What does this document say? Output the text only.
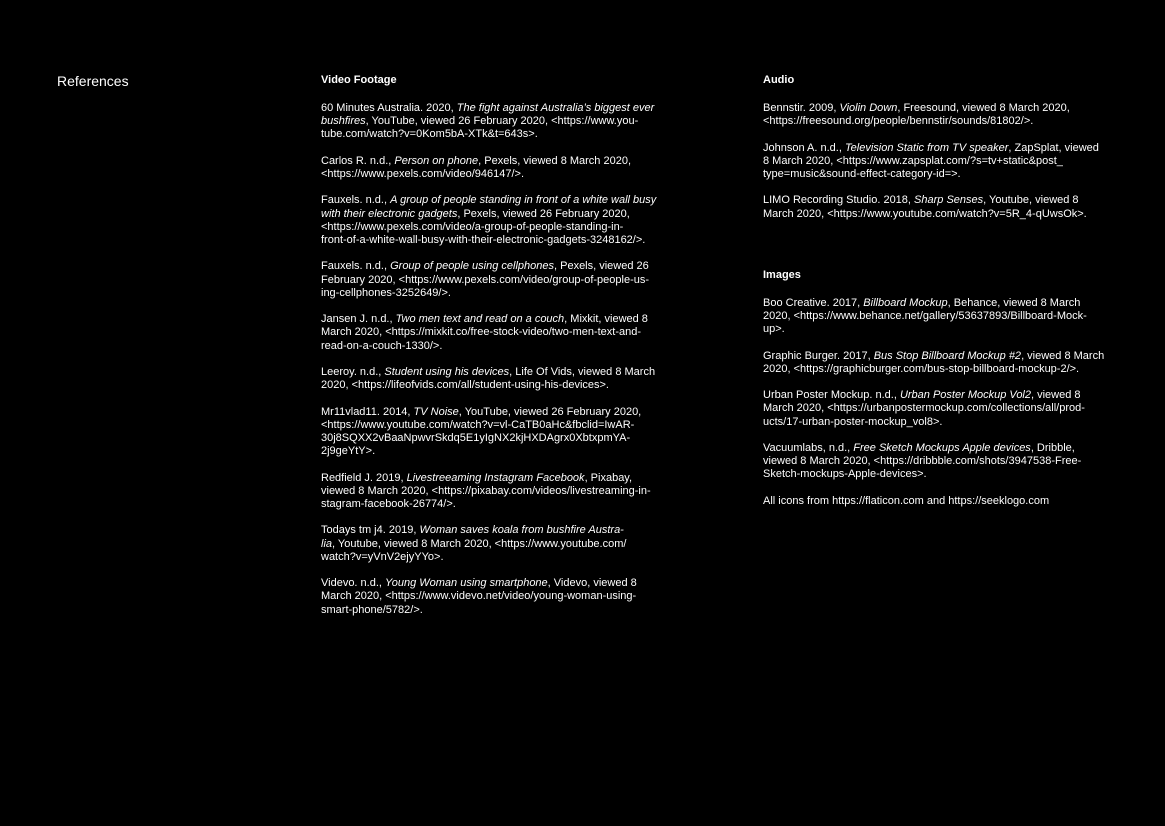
References	Video Footage

60 Minutes Australia. 2020, The fight against Australia’s biggest ever
bushfires, YouTube, viewed 26 February 2020, <https://www.you-
tube.com/watch?v=0Kom5bA-XTk&t=643s>.

Carlos R. n.d., Person on phone, Pexels, viewed 8 March 2020,
<https://www.pexels.com/video/946147/>.

Fauxels. n.d., A group of people standing in front of a white wall busy
with their electronic gadgets, Pexels, viewed 26 February 2020,
<https://www.pexels.com/video/a-group-of-people-standing-in-
front-of-a-white-wall-busy-with-their-electronic-gadgets-3248162/>.

Fauxels. n.d., Group of people using cellphones, Pexels, viewed 26
February 2020, <https://www.pexels.com/video/group-of-people-us-
ing-cellphones-3252649/>.

Jansen J. n.d., Two men text and read on a couch, Mixkit, viewed 8
March 2020, <https://mixkit.co/free-stock-video/two-men-text-and-
read-on-a-couch-1330/>.

Leeroy. n.d., Student using his devices, Life Of Vids, viewed 8 March
2020, <https://lifeofvids.com/all/student-using-his-devices>.

Mr11vlad11. 2014, TV Noise, YouTube, viewed 26 February 2020,
<https://www.youtube.com/watch?v=vl-CaTB0aHc&fbclid=IwAR-
30j8SQXX2vBaaNpwvrSkdq5E1yIgNX2kjHXDAgrx0XbtxpmYA-
2j9geYtY>.

Redfield J. 2019, Livestreeaming Instagram Facebook, Pixabay,
viewed 8 March 2020, <https://pixabay.com/videos/livestreaming-in-
stagram-facebook-26774/>.

Todays tm j4. 2019, Woman saves koala from bushfire Austra-
lia, Youtube, viewed 8 March 2020, <https://www.youtube.com/
watch?v=yVnV2ejyYYo>.

Videvo. n.d., Young Woman using smartphone, Videvo, viewed 8
March 2020, <https://www.videvo.net/video/young-woman-using-
smart-phone/5782/>.

Audio

Bennstir. 2009, Violin Down, Freesound, viewed 8 March 2020,
<https://freesound.org/people/bennstir/sounds/81802/>.

Johnson A. n.d., Television Static from TV speaker, ZapSplat, viewed
8 March 2020, <https://www.zapsplat.com/?s=tv+static&post_
type=music&sound-effect-category-id=>.

LIMO Recording Studio. 2018, Sharp Senses, Youtube, viewed 8
March 2020, <https://www.youtube.com/watch?v=5R_4-qUwsOk>.

Images

Boo Creative. 2017, Billboard Mockup, Behance, viewed 8 March
2020, <https://www.behance.net/gallery/53637893/Billboard-Mock-
up>.

Graphic Burger. 2017, Bus Stop Billboard Mockup #2, viewed 8 March
2020, <https://graphicburger.com/bus-stop-billboard-mockup-2/>.

Urban Poster Mockup. n.d., Urban Poster Mockup Vol2, viewed 8
March 2020, <https://urbanpostermockup.com/collections/all/prod-
ucts/17-urban-poster-mockup_vol8>.

Vacuumlabs, n.d., Free Sketch Mockups Apple devices, Dribble,
viewed 8 March 2020, <https://dribbble.com/shots/3947538-Free-
Sketch-mockups-Apple-devices>.

All icons from https://flaticon.com and https://seeklogo.com
